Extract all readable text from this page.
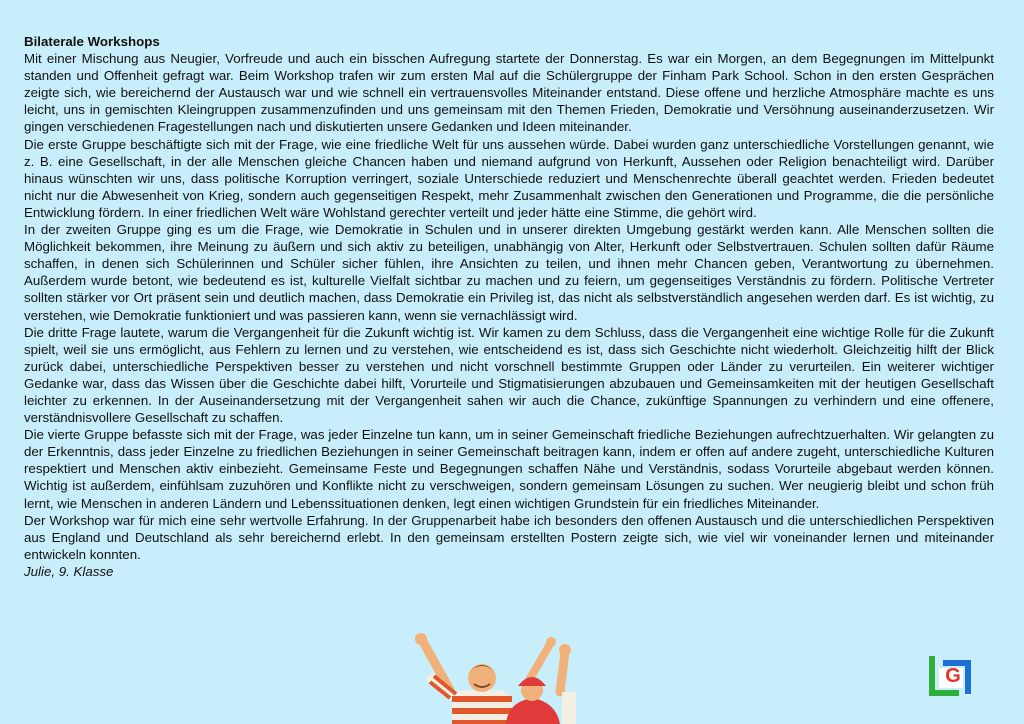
Bilaterale Workshops

Mit einer Mischung aus Neugier, Vorfreude und auch ein bisschen Aufregung startete der Donnerstag. Es war ein Morgen, an dem Begegnungen im Mittelpunkt standen und Offenheit gefragt war. Beim Workshop trafen wir zum ersten Mal auf die Schülergruppe der Finham Park School. Schon in den ersten Gesprächen zeigte sich, wie bereichernd der Austausch war und wie schnell ein vertrauensvolles Miteinander entstand. Diese offene und herzliche Atmosphäre machte es uns leicht, uns in gemischten Kleingruppen zusammenzufinden und uns gemeinsam mit den Themen Frieden, Demokratie und Versöhnung auseinanderzusetzen. Wir gingen verschiedenen Fragestellungen nach und diskutierten unsere Gedanken und Ideen miteinander.

Die erste Gruppe beschäftigte sich mit der Frage, wie eine friedliche Welt für uns aussehen würde. Dabei wurden ganz unterschiedliche Vorstellungen genannt, wie z. B. eine Gesellschaft, in der alle Menschen gleiche Chancen haben und niemand aufgrund von Herkunft, Aussehen oder Religion benachteiligt wird. Darüber hinaus wünschten wir uns, dass politische Korruption verringert, soziale Unterschiede reduziert und Menschenrechte überall geachtet werden. Frieden bedeutet nicht nur die Abwesenheit von Krieg, sondern auch gegenseitigen Respekt, mehr Zusammenhalt zwischen den Generationen und Programme, die die persönliche Entwicklung fördern. In einer friedlichen Welt wäre Wohlstand gerechter verteilt und jeder hätte eine Stimme, die gehört wird.

In der zweiten Gruppe ging es um die Frage, wie Demokratie in Schulen und in unserer direkten Umgebung gestärkt werden kann. Alle Menschen sollten die Möglichkeit bekommen, ihre Meinung zu äußern und sich aktiv zu beteiligen, unabhängig von Alter, Herkunft oder Selbstvertrauen. Schulen sollten dafür Räume schaffen, in denen sich Schülerinnen und Schüler sicher fühlen, ihre Ansichten zu teilen, und ihnen mehr Chancen geben, Verantwortung zu übernehmen. Außerdem wurde betont, wie bedeutend es ist, kulturelle Vielfalt sichtbar zu machen und zu feiern, um gegenseitiges Verständnis zu fördern. Politische Vertreter sollten stärker vor Ort präsent sein und deutlich machen, dass Demokratie ein Privileg ist, das nicht als selbstverständlich angesehen werden darf. Es ist wichtig, zu verstehen, wie Demokratie funktioniert und was passieren kann, wenn sie vernachlässigt wird.

Die dritte Frage lautete, warum die Vergangenheit für die Zukunft wichtig ist. Wir kamen zu dem Schluss, dass die Vergangenheit eine wichtige Rolle für die Zukunft spielt, weil sie uns ermöglicht, aus Fehlern zu lernen und zu verstehen, wie entscheidend es ist, dass sich Geschichte nicht wiederholt. Gleichzeitig hilft der Blick zurück dabei, unterschiedliche Perspektiven besser zu verstehen und nicht vorschnell bestimmte Gruppen oder Länder zu verurteilen. Ein weiterer wichtiger Gedanke war, dass das Wissen über die Geschichte dabei hilft, Vorurteile und Stigmatisierungen abzubauen und Gemeinsamkeiten mit der heutigen Gesellschaft leichter zu erkennen. In der Auseinandersetzung mit der Vergangenheit sahen wir auch die Chance, zukünftige Spannungen zu verhindern und eine offenere, verständnisvollere Gesellschaft zu schaffen.

Die vierte Gruppe befasste sich mit der Frage, was jeder Einzelne tun kann, um in seiner Gemeinschaft friedliche Beziehungen aufrechtzuerhalten. Wir gelangten zu der Erkenntnis, dass jeder Einzelne zu friedlichen Beziehungen in seiner Gemeinschaft beitragen kann, indem er offen auf andere zugeht, unterschiedliche Kulturen respektiert und Menschen aktiv einbezieht. Gemeinsame Feste und Begegnungen schaffen Nähe und Verständnis, sodass Vorurteile abgebaut werden können. Wichtig ist außerdem, einfühlsam zuzuhören und Konflikte nicht zu verschweigen, sondern gemeinsam Lösungen zu suchen. Wer neugierig bleibt und schon früh lernt, wie Menschen in anderen Ländern und Lebenssituationen denken, legt einen wichtigen Grundstein für ein friedliches Miteinander.

Der Workshop war für mich eine sehr wertvolle Erfahrung. In der Gruppenarbeit habe ich besonders den offenen Austausch und die unterschiedlichen Perspektiven aus England und Deutschland als sehr bereichernd erlebt. In den gemeinsam erstellten Postern zeigte sich, wie viel wir voneinander lernen und miteinander entwickeln konnten.

Julie, 9. Klasse

G
